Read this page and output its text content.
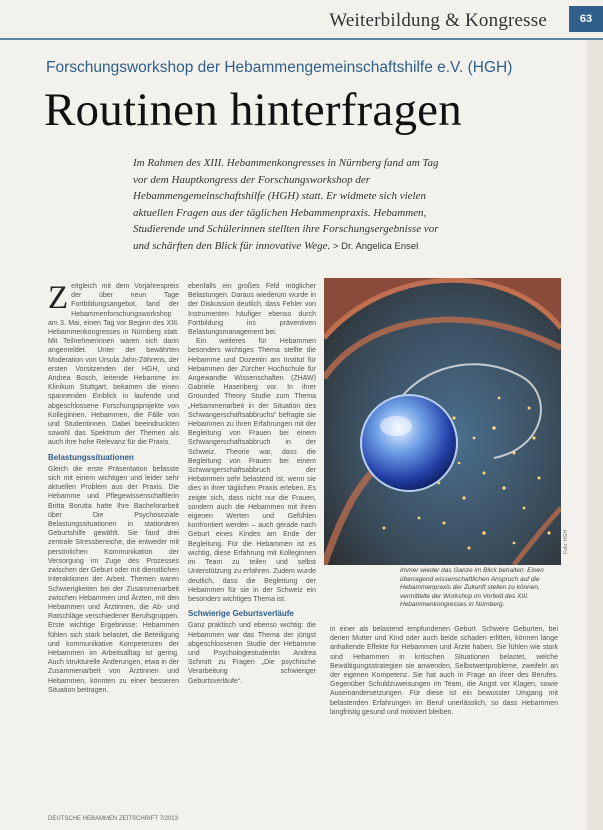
Weiterbildung & Kongresse	63
Forschungsworkshop der Hebammengemeinschaftshilfe e.V. (HGH)
Routinen hinterfragen
Im Rahmen des XIII. Hebammenkongresses in Nürnberg fand am Tag vor dem Hauptkongress der Forschungsworkshop der Hebammengemeinschaftshilfe (HGH) statt. Er widmete sich vielen aktuellen Fragen aus der täglichen Hebammenpraxis. Hebammen, Studierende und Schülerinnen stellten ihre Forschungsergebnisse vor und schärften den Blick für innovative Wege. > Dr. Angelica Ensel
Z eitgleich mit dem Vorjahrespreis der über neun Tage Fortbildungsangebot, fand der Hebammenforschungsworkshop am 3. Mai, einen Tag vor Beginn des XIII. Hebammenkongresses in Nürnberg statt. Mit Teilnehmerinnen waren sich darin angemeldet. Unter der bewährten Moderation von Ursula Jahn-Zöhrens, der ersten Vorsitzenden der HGH, und Andrea Bosch, leitende Hebamme im Klinikum Stuttgart, bekamen die einen spannenden Einblick in laufende und abgeschlossene Forschungsprojekte von Kolleginnen. Hebammen, die Fälle von und Studentinnen. Dabei beeindruckten sowohl das Spektrum der Themen als auch ihre hohe Relevanz für die Praxis.

Belastungssituationen

Gleich die erste Präsentation befasste sich mit einem wichtigen und leider sehr aktuellen Problem aus der Praxis. Die Hebamme und Pflegewissenschaftlerin Britta Borutta hatte Ihre Bachelorarbeit über Die Psychosoziale Belastungssituationen in stationären Geburtshilfe gewählt. Sie fand drei zentrale Stressbereiche, die entweder mit persönlichen Kommunikation der Versorgung im Zuge des Prozesses zwischen der Geburt oder mit dienstlichen Interaktionen der Arbeit. Themen waren Schwierigkeiten bei der Zusammenarbeit zwischen Hebammen und Ärzten, mit den Hebammen und Ärztinnen, die Ab- und Ratschläge verschiedener Berufsgruppen. Erste wichtige Ergebnisse: Hebammen fühlen sich stark belastet, die Beteiligung und kommunikative Kompetenzen der Hebammen im Arbeitsalltag ist gering. Auch strukturelle Änderungen, etwa in der Zusammenarbeit von Ärztinnen und Hebammen, könnten zu einer besseren Situation beitragen.

ebenfalls ein großes Feld möglicher Belastungen. Daraus wiederum wurde in der Diskussion deutlich, dass Fehler von Instrumenten häufiger ebenso durch Fortbildung ins präventiven Belastungsmanagement bei.

Ein weiteres für Hebammen besonders wichtiges Thema stellte die Hebamme und Dozentin am Institut für Hebammen der Zürcher Hochschule für Angewandte Wissenschaften (ZHAW) Gabriele Hasenberg vor. In ihrer Grounded Theory Studie zum Thema „Hebammenarbeit in der Situation des Schwangerschaftsabbruchs“ befragte sie Hebammen zu ihren Erfahrungen mit der Begleitung von Frauen bei einem Schwangerschaftsabbruch in der Schweiz. Theorie war, dass die Begleitung von Frauen bei einem Schwangerschaftsabbruch der Hebammen sehr belastend ist, wenn sie dies in ihrer täglichen Praxis erleben. Es zeigte sich, dass nicht nur die Frauen, sondern auch die Hebammen mit ihren eigenen Werten und Gefühlen konfrontiert werden – auch gerade nach Geburt eines Kindes am Ende der Begleitung. Für die Hebammen ist es wichtig, diese Erfahrung mit Kolleginnen im Team zu teilen und selbst Unterstützung zu erfahren. Zudem wurde deutlich, dass die Begleitung der Hebammen für sie in der Schweiz ein besonders wichtiges Thema ist.

Schwierige Geburtsverläufe

Ganz praktisch und ebenso wichtig: die Hebammen war das Thema der jüngst abgeschlossenen Studie der Hebamme und Psychologiestudentin Andrea Schmitt zu Fragen „Die psychische Verarbeitung schwieriger Geburtsverläufe“.

Foto: HGH
Immer wieder das Ganze im Blick behalten: Einen überragend wissenschaftlichen Anspruch auf die Hebammenpraxis der Zukunft stellen zu können, vermittelte der Workshop im Vorfeld des XIII. Hebammenkongresses in Nürnberg.

in einer als belastend empfundenen Geburt. Schwere Geburten, bei denen Mutter und Kind oder auch beide schaden erlitten, können lange anhaltende Effekte für Hebammen und Ärzte haben. Sie fühlen wie stark sind Hebammen in kritischen Situationen belastet, welche Bewältigungsstrategien sie anwenden, Selbstwertprobleme, zweifeln an der eigenen Kompetenz. Sie hat auch in Frage an ihrer des Berufes. Gegenüber Schuldzuweisungen im Team, die Angst vor Klagen, sowie Auseinandersetzungen. Für diese ist ein bewusster Umgang mit belastenden Erfahrungen im Beruf unerlässlich, so dass Hebammen langfristig gesund und motiviert bleiben.

DEUTSCHE HEBAMMEN ZEITSCHRIFT 7/2013
